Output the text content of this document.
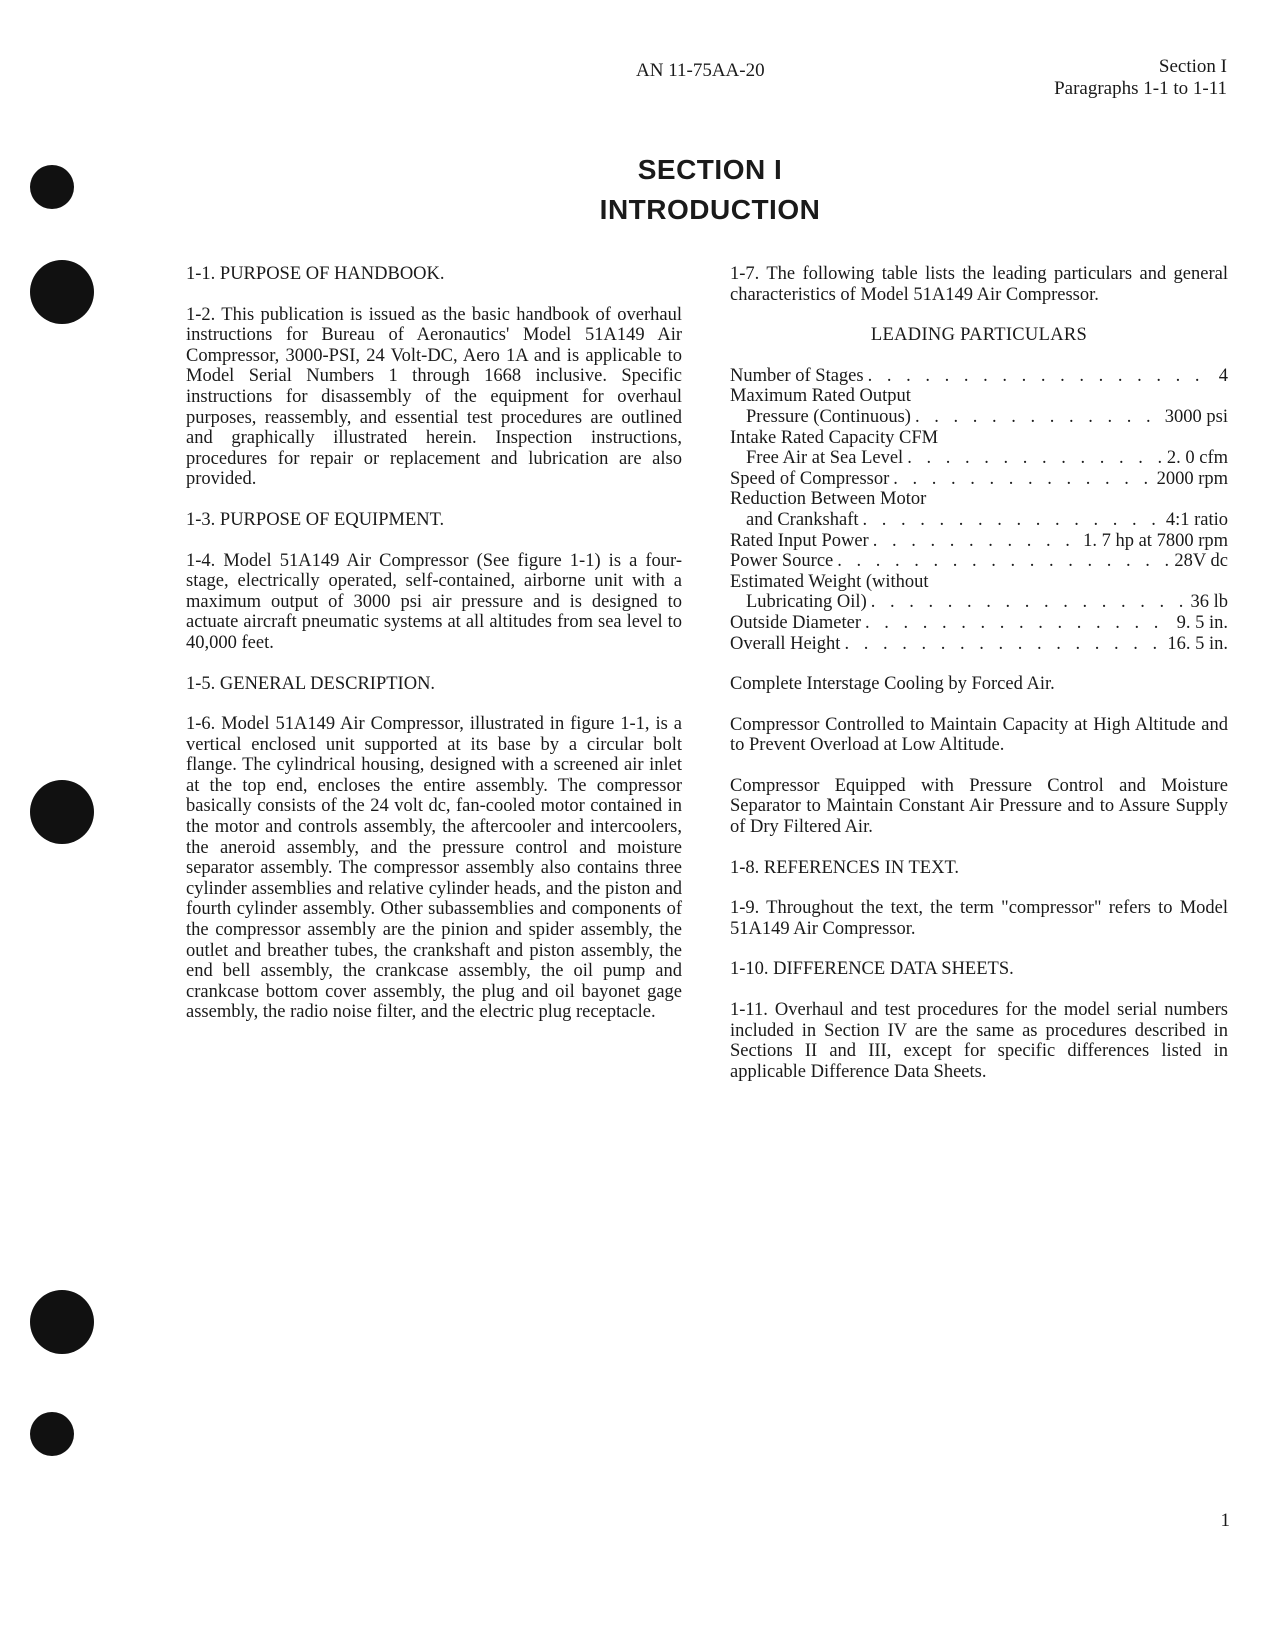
AN 11-75AA-20	Section I
Paragraphs 1-1 to 1-11
SECTION I
INTRODUCTION

1-1. PURPOSE OF HANDBOOK.

1-2. This publication is issued as the basic handbook of overhaul instructions for Bureau of Aeronautics' Model 51A149 Air Compressor, 3000-PSI, 24 Volt-DC, Aero 1A and is applicable to Model Serial Numbers 1 through 1668 inclusive. Specific instructions for disassembly of the equipment for overhaul purposes, reassembly, and essential test procedures are outlined and graphically illustrated herein. Inspection instructions, procedures for repair or replacement and lubrication are also provided.

1-3. PURPOSE OF EQUIPMENT.

1-4. Model 51A149 Air Compressor (See figure 1-1) is a four-stage, electrically operated, self-contained, airborne unit with a maximum output of 3000 psi air pressure and is designed to actuate aircraft pneumatic systems at all altitudes from sea level to 40,000 feet.

1-5. GENERAL DESCRIPTION.

1-6. Model 51A149 Air Compressor, illustrated in figure 1-1, is a vertical enclosed unit supported at its base by a circular bolt flange. The cylindrical housing, designed with a screened air inlet at the top end, encloses the entire assembly. The compressor basically consists of the 24 volt dc, fan-cooled motor contained in the motor and controls assembly, the aftercooler and intercoolers, the aneroid assembly, and the pressure control and moisture separator assembly. The compressor assembly also contains three cylinder assemblies and relative cylinder heads, and the piston and fourth cylinder assembly. Other subassemblies and components of the compressor assembly are the pinion and spider assembly, the outlet and breather tubes, the crankshaft and piston assembly, the end bell assembly, the crankcase assembly, the oil pump and crankcase bottom cover assembly, the plug and oil bayonet gage assembly, the radio noise filter, and the electric plug receptacle.

1-7. The following table lists the leading particulars and general characteristics of Model 51A149 Air Compressor.

LEADING PARTICULARS

Number of Stages . . .	4
Maximum Rated Output
Pressure (Continuous) . . .	3000 psi
Intake Rated Capacity CFM
Free Air at Sea Level . . .	2. 0 cfm
Speed of Compressor . . .	2000 rpm
Reduction Between Motor
and Crankshaft . . .	4:1 ratio
Rated Input Power . . .	1. 7 hp at 7800 rpm
Power Source . . .	28V dc
Estimated Weight (without
Lubricating Oil) . . .	36 lb
Outside Diameter . . .	9. 5 in.
Overall Height . . .	16. 5 in.

Complete Interstage Cooling by Forced Air.

Compressor Controlled to Maintain Capacity at High Altitude and to Prevent Overload at Low Altitude.

Compressor Equipped with Pressure Control and Moisture Separator to Maintain Constant Air Pressure and to Assure Supply of Dry Filtered Air.

1-8. REFERENCES IN TEXT.

1-9. Throughout the text, the term "compressor" refers to Model 51A149 Air Compressor.

1-10. DIFFERENCE DATA SHEETS.

1-11. Overhaul and test procedures for the model serial numbers included in Section IV are the same as procedures described in Sections II and III, except for specific differences listed in applicable Difference Data Sheets.

1
